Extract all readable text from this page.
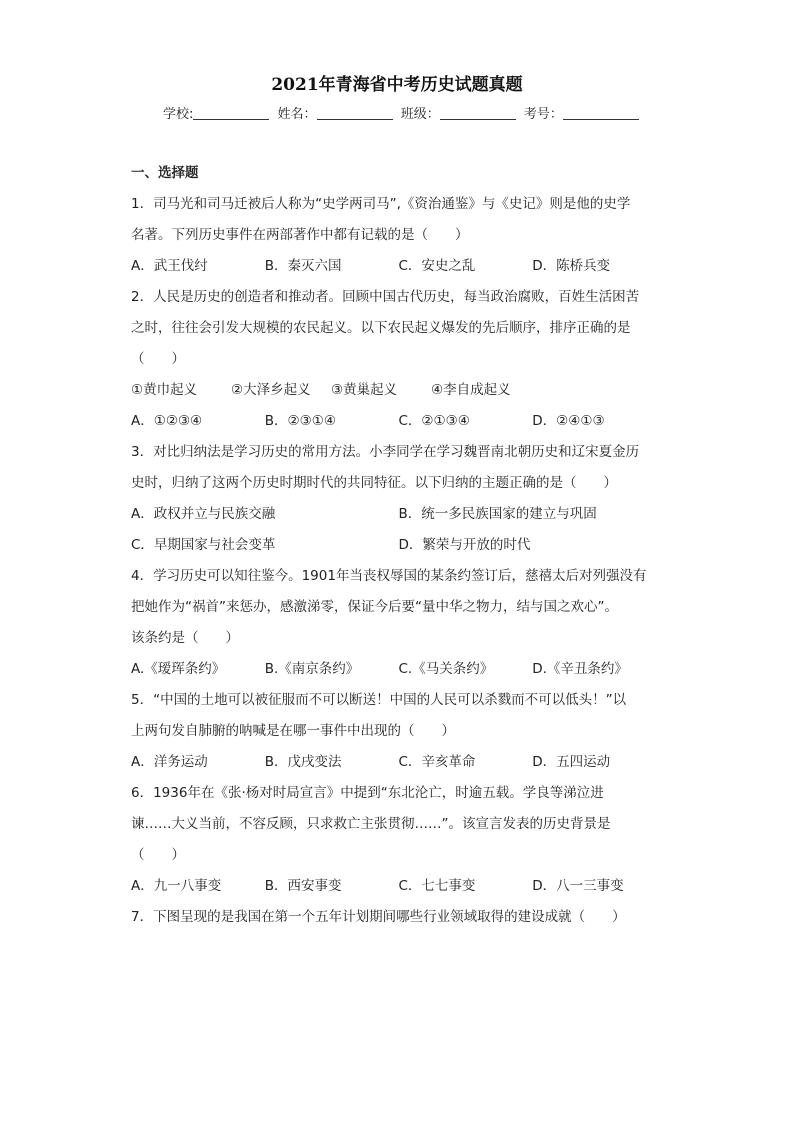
2021年青海省中考历史试题真题
学校:	姓名：	班级：	考号：
一、选择题
1．司马光和司马迁被后人称为“史学两司马”,《资治通鉴》与《史记》则是他的史学
名著。下列历史事件在两部著作中都有记载的是（　　）
A．武王伐纣	B．秦灭六国	C．安史之乱	D．陈桥兵变
2．人民是历史的创造者和推动者。回顾中国古代历史，每当政治腐败，百姓生活困苦
之时，往往会引发大规模的农民起义。以下农民起义爆发的先后顺序，排序正确的是
（　　）
①黄巾起义	②大泽乡起义	③黄巢起义	④李自成起义
A．①②③④	B．②③①④	C．②①③④	D．②④①③
3．对比归纳法是学习历史的常用方法。小李同学在学习魏晋南北朝历史和辽宋夏金历
史时，归纳了这两个历史时期时代的共同特征。以下归纳的主题正确的是（　　）
A．政权并立与民族交融	B．统一多民族国家的建立与巩固
C．早期国家与社会变革	D．繁荣与开放的时代
4．学习历史可以知往鉴今。1901年当丧权辱国的某条约签订后，慈禧太后对列强没有
把她作为“祸首”来惩办，感激涕零，保证今后要“量中华之物力，结与国之欢心”。
该条约是（　　）
A.《瑷珲条约》	B.《南京条约》	C.《马关条约》	D.《辛丑条约》
5．“中国的土地可以被征服而不可以断送！中国的人民可以杀戮而不可以低头！”以
上两句发自肺腑的呐喊是在哪一事件中出现的（　　）
A．洋务运动	B．戊戌变法	C．辛亥革命	D．五四运动
6．1936年在《张·杨对时局宣言》中提到“东北沦亡，时逾五载。学良等涕泣进
谏……大义当前，不容反顾，只求救亡主张贯彻……”。该宣言发表的历史背景是
（　　）
A．九一八事变	B．西安事变	C．七七事变	D．八一三事变
7．下图呈现的是我国在第一个五年计划期间哪些行业领域取得的建设成就（　　）
